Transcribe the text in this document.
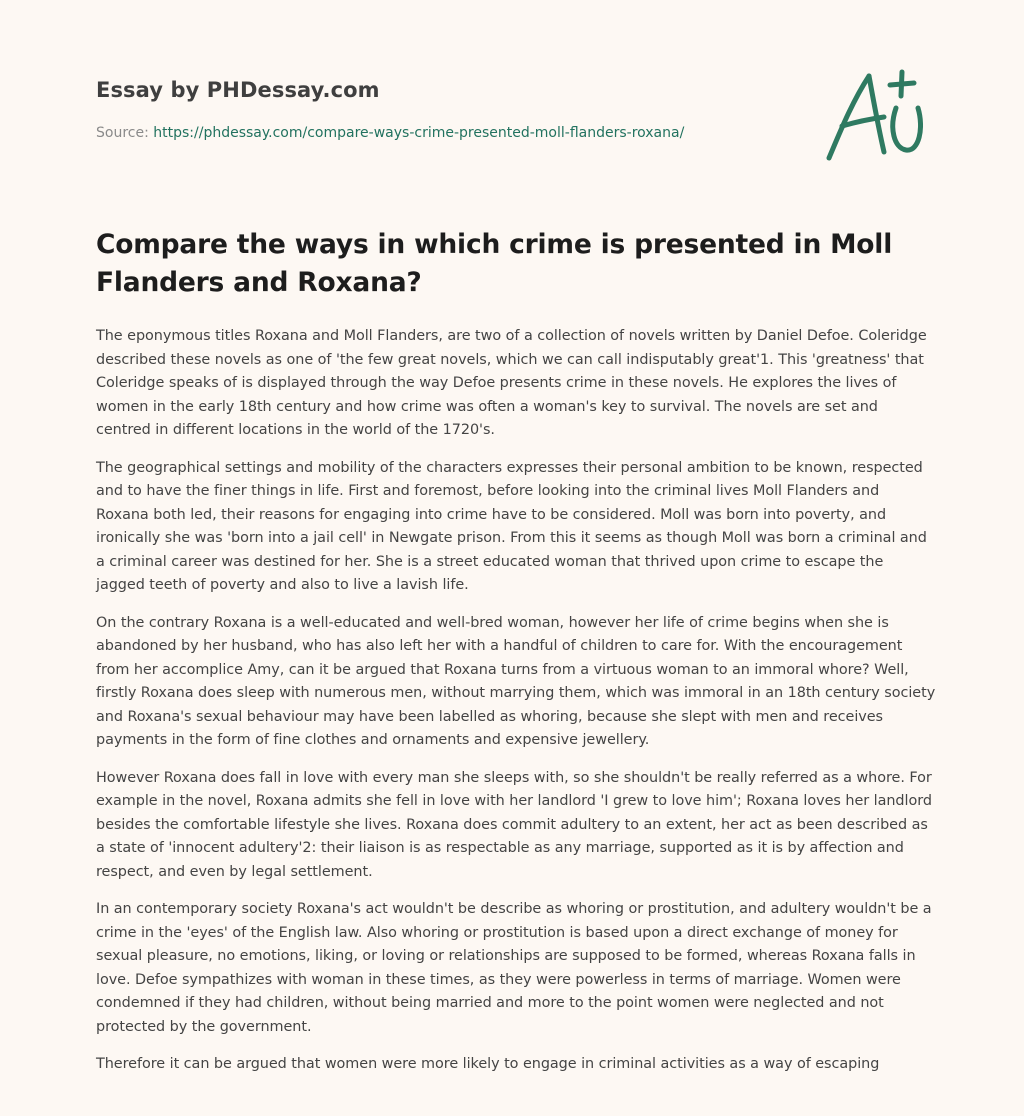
Essay by PHDessay.com
Source: https://phdessay.com/compare-ways-crime-presented-moll-flanders-roxana/
Compare the ways in which crime is presented in Moll Flanders and Roxana?

The eponymous titles Roxana and Moll Flanders, are two of a collection of novels written by Daniel Defoe. Coleridge described these novels as one of 'the few great novels, which we can call indisputably great'1. This 'greatness' that Coleridge speaks of is displayed through the way Defoe presents crime in these novels. He explores the lives of women in the early 18th century and how crime was often a woman's key to survival. The novels are set and centred in different locations in the world of the 1720's.

The geographical settings and mobility of the characters expresses their personal ambition to be known, respected and to have the finer things in life. First and foremost, before looking into the criminal lives Moll Flanders and Roxana both led, their reasons for engaging into crime have to be considered. Moll was born into poverty, and ironically she was 'born into a jail cell' in Newgate prison. From this it seems as though Moll was born a criminal and a criminal career was destined for her. She is a street educated woman that thrived upon crime to escape the jagged teeth of poverty and also to live a lavish life.

On the contrary Roxana is a well-educated and well-bred woman, however her life of crime begins when she is abandoned by her husband, who has also left her with a handful of children to care for. With the encouragement from her accomplice Amy, can it be argued that Roxana turns from a virtuous woman to an immoral whore? Well, firstly Roxana does sleep with numerous men, without marrying them, which was immoral in an 18th century society and Roxana's sexual behaviour may have been labelled as whoring, because she slept with men and receives payments in the form of fine clothes and ornaments and expensive jewellery.

However Roxana does fall in love with every man she sleeps with, so she shouldn't be really referred as a whore. For example in the novel, Roxana admits she fell in love with her landlord 'I grew to love him'; Roxana loves her landlord besides the comfortable lifestyle she lives. Roxana does commit adultery to an extent, her act as been described as a state of 'innocent adultery'2: their liaison is as respectable as any marriage, supported as it is by affection and respect, and even by legal settlement.

In an contemporary society Roxana's act wouldn't be describe as whoring or prostitution, and adultery wouldn't be a crime in the 'eyes' of the English law. Also whoring or prostitution is based upon a direct exchange of money for sexual pleasure, no emotions, liking, or loving or relationships are supposed to be formed, whereas Roxana falls in love. Defoe sympathizes with woman in these times, as they were powerless in terms of marriage. Women were condemned if they had children, without being married and more to the point women were neglected and not protected by the government.

Therefore it can be argued that women were more likely to engage in criminal activities as a way of escaping
